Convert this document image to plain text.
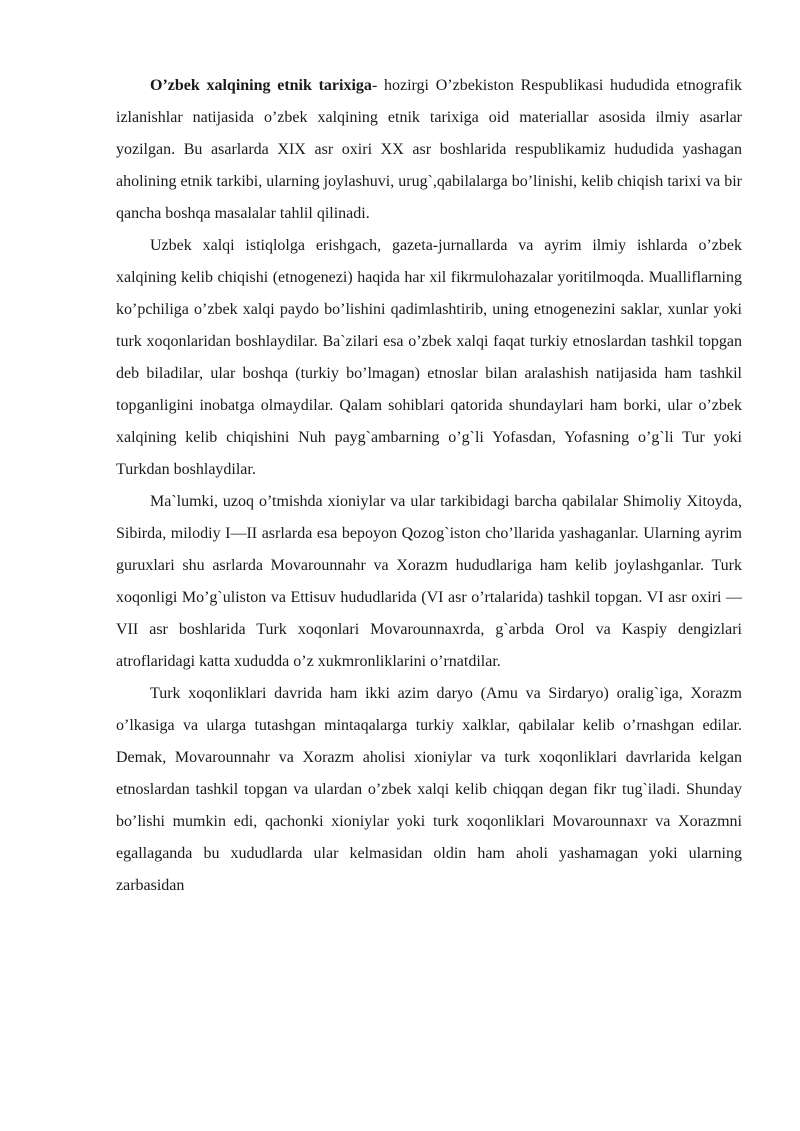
O’zbek xalqining etnik tarixiga- hozirgi O’zbekiston Respublikasi hududida etnografik izlanishlar natijasida o’zbek xalqining etnik tarixiga oid materiallar asosida ilmiy asarlar yozilgan. Bu asarlarda XIX asr oxiri XX asr boshlarida respublikamiz hududida yashagan aholining etnik tarkibi, ularning joylashuvi, urug`,qabilalarga bo’linishi, kelib chiqish tarixi va bir qancha boshqa masalalar tahlil qilinadi.

Uzbek xalqi istiqlolga erishgach, gazeta-jurnallarda va ayrim ilmiy ishlarda o’zbek xalqining kelib chiqishi (etnogenezi) haqida har xil fikrmulohazalar yoritilmoqda. Mualliflarning ko’pchiliga o’zbek xalqi paydo bo’lishini qadimlashtirib, uning etnogenezini saklar, xunlar yoki turk xoqonlaridan boshlaydilar. Ba`zilari esa o’zbek xalqi faqat turkiy etnoslardan tashkil topgan deb biladilar, ular boshqa (turkiy bo’lmagan) etnoslar bilan aralashish natijasida ham tashkil topganligini inobatga olmaydilar. Qalam sohiblari qatorida shundaylari ham borki, ular o’zbek xalqining kelib chiqishini Nuh payg`ambarning o’g`li Yofasdan, Yofasning o’g`li Tur yoki Turkdan boshlaydilar.

Ma`lumki, uzoq o’tmishda xioniylar va ular tarkibidagi barcha qabilalar Shimoliy Xitoyda, Sibirda, milodiy I—II asrlarda esa bepoyon Qozog`iston cho’llarida yashaganlar. Ularning ayrim guruxlari shu asrlarda Movarounnahr va Xorazm hududlariga ham kelib joylashganlar. Turk xoqonligi Mo’g`uliston va Ettisuv hududlarida (VI asr o’rtalarida) tashkil topgan. VI asr oxiri — VII asr boshlarida Turk xoqonlari Movarounnaxrda, g`arbda Orol va Kaspiy dengizlari atroflaridagi katta xududda o’z xukmronliklarini o’rnatdilar.

Turk xoqonliklari davrida ham ikki azim daryo (Amu va Sirdaryo) oralig`iga, Xorazm o’lkasiga va ularga tutashgan mintaqalarga turkiy xalklar, qabilalar kelib o’rnashgan edilar. Demak, Movarounnahr va Xorazm aholisi xioniylar va turk xoqonliklari davrlarida kelgan etnoslardan tashkil topgan va ulardan o’zbek xalqi kelib chiqqan degan fikr tug`iladi. Shunday bo’lishi mumkin edi, qachonki xioniylar yoki turk xoqonliklari Movarounnaxr va Xorazmni egallaganda bu xududlarda ular kelmasidan oldin ham aholi yashamagan yoki ularning zarbasidan
